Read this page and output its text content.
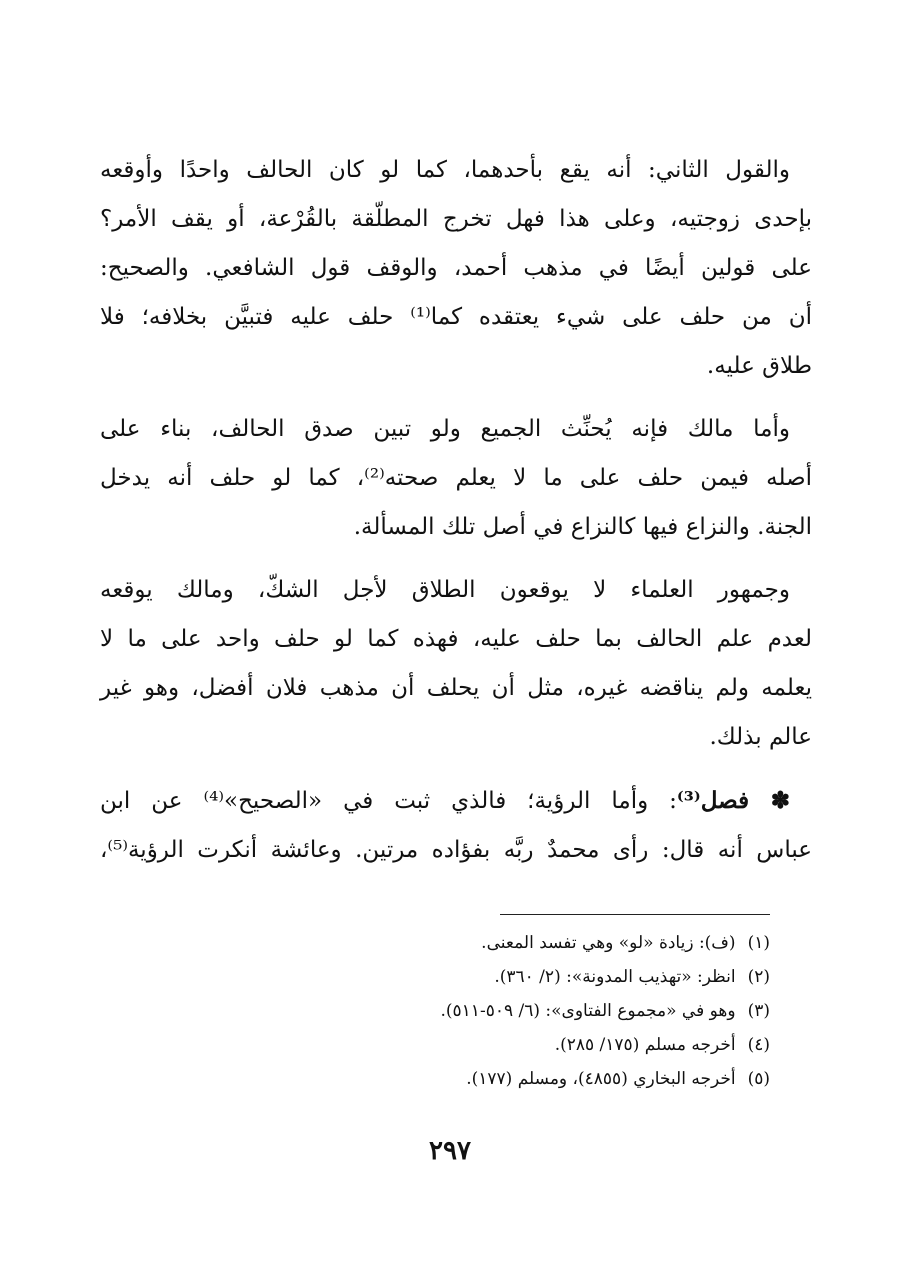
والقول الثاني: أنه يقع بأحدهما، كما لو كان الحالف واحدًا وأوقعه
بإحدى زوجتيه، وعلى هذا فهل تخرج المطلّقة بالقُرْعة، أو يقف الأمر؟
على قولين أيضًا في مذهب أحمد، والوقف قول الشافعي. والصحيح:
أن من حلف على شيء يعتقده كما⁽¹⁾ حلف عليه فتبيَّن بخلافه؛ فلا
طلاق عليه.

وأما مالك فإنه يُحنِّث الجميع ولو تبين صدق الحالف، بناء على
أصله فيمن حلف على ما لا يعلم صحته⁽²⁾، كما لو حلف أنه يدخل
الجنة. والنزاع فيها كالنزاع في أصل تلك المسألة.

وجمهور العلماء لا يوقعون الطلاق لأجل الشكّ، ومالك يوقعه
لعدم علم الحالف بما حلف عليه، فهذه كما لو حلف واحد على ما لا
يعلمه ولم يناقضه غيره، مثل أن يحلف أن مذهب فلان أفضل، وهو غير
عالم بذلك.

✽ فصل⁽³⁾: وأما الرؤية؛ فالذي ثبت في «الصحيح»⁽⁴⁾ عن ابن
عباس أنه قال: رأى محمدٌ ربَّه بفؤاده مرتين. وعائشة أنكرت الرؤية⁽⁵⁾،

(١)(ف): زيادة «لو» وهي تفسد المعنى.
(٢)انظر: «تهذيب المدونة»: (٢/ ٣٦٠).
(٣)وهو في «مجموع الفتاوى»: (٦/ ٥٠٩-٥١١).
(٤)أخرجه مسلم (١٧٥/ ٢٨٥).
(٥)أخرجه البخاري (٤٨٥٥)، ومسلم (١٧٧).
٢٩٧
